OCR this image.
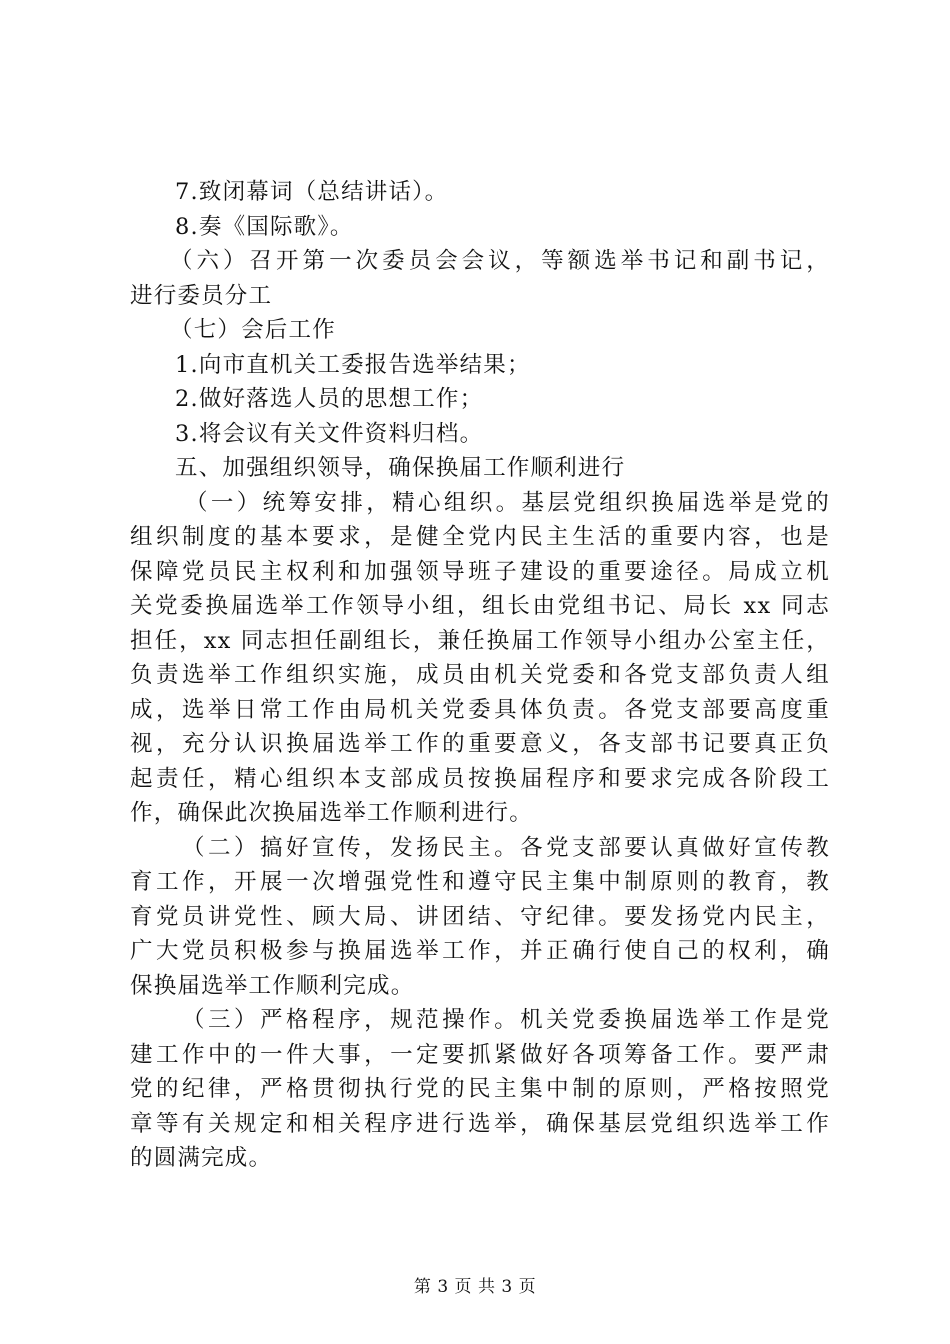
7.致闭幕词（总结讲话）。
8.奏《国际歌》。
（六）召开第一次委员会会议，等额选举书记和副书记，
进行委员分工
（七）会后工作
1.向市直机关工委报告选举结果；
2.做好落选人员的思想工作；
3.将会议有关文件资料归档。
五、加强组织领导，确保换届工作顺利进行
（一）统筹安排，精心组织。基层党组织换届选举是党的
组织制度的基本要求，是健全党内民主生活的重要内容，也是
保障党员民主权利和加强领导班子建设的重要途径。局成立机
关党委换届选举工作领导小组，组长由党组书记、局长 xx 同志
担任，xx 同志担任副组长，兼任换届工作领导小组办公室主任，
负责选举工作组织实施，成员由机关党委和各党支部负责人组
成，选举日常工作由局机关党委具体负责。各党支部要高度重
视，充分认识换届选举工作的重要意义，各支部书记要真正负
起责任，精心组织本支部成员按换届程序和要求完成各阶段工
作，确保此次换届选举工作顺利进行。
（二）搞好宣传，发扬民主。各党支部要认真做好宣传教
育工作，开展一次增强党性和遵守民主集中制原则的教育，教
育党员讲党性、顾大局、讲团结、守纪律。要发扬党内民主，
广大党员积极参与换届选举工作，并正确行使自己的权利，确
保换届选举工作顺利完成。
（三）严格程序，规范操作。机关党委换届选举工作是党
建工作中的一件大事，一定要抓紧做好各项筹备工作。要严肃
党的纪律，严格贯彻执行党的民主集中制的原则，严格按照党
章等有关规定和相关程序进行选举，确保基层党组织选举工作
的圆满完成。
第 3 页 共 3 页
